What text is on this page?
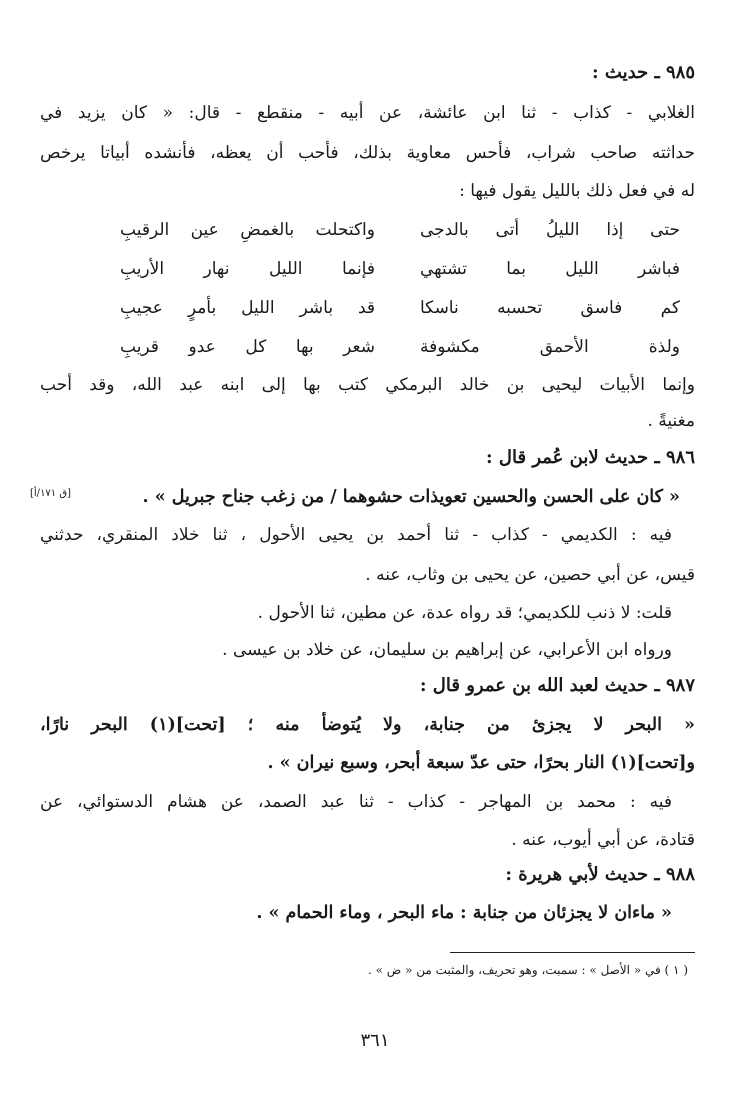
٩٨٥ ـ حديث :
الغلابي - كذاب - ثنا ابن عائشة، عن أبيه - منقطع - قال: « كان يزيد في
حداثته صاحب شراب، فأحس معاوية بذلك، فأحب أن يعظه، فأنشده أبياتا يرخص
له في فعل ذلك بالليل يقول فيها :
حتى إذا الليلُ أتى بالدجى
واكتحلت بالغمضِ عين الرقيبِ
فباشر الليل بما تشتهي
فإنما الليل نهار الأريبِ
كم فاسق تحسبه ناسكا
قد باشر الليل بأمرٍ عجيبِ
ولذة الأحمق مكشوفة
شعر بها كل عدو قريبِ
وإنما الأبيات ليحيى بن خالد البرمكي كتب بها إلى ابنه عبد الله، وقد أحب
مغنيةً .
٩٨٦ ـ حديث لابن عُمر قال :
« كان على الحسن والحسين تعويذات حشوهما / من زغب جناح جبريل » .
[ق ١٧١/أ]
فيه : الكديمي - كذاب - ثنا أحمد بن يحيى الأحول ، ثنا خلاد المنقري، حدثني
قيس، عن أبي حصين، عن يحيى بن وثاب، عنه .
قلت: لا ذنب للكديمي؛ قد رواه عدة، عن مطين، ثنا الأحول .
ورواه ابن الأعرابي، عن إبراهيم بن سليمان، عن خلاد بن عيسى .
٩٨٧ ـ حديث لعبد الله بن عمرو قال :
« البحر لا يجزئ من جنابة، ولا يُتوضأ منه ؛ [تحت](١) البحر نارًا،
و[تحت](١) النار بحرًا، حتى عدّ سبعة أبحر، وسبع نيران » .
فيه : محمد بن المهاجر - كذاب - ثنا عبد الصمد، عن هشام الدستوائي، عن
قتادة، عن أبي أيوب، عنه .
٩٨٨ ـ حديث لأبي هريرة :
« ماءان لا يجزئان من جنابة : ماء البحر ، وماء الحمام » .
( ١ ) في « الأصل » : سمبت، وهو تحريف، والمثبت من « ض » .
٣٦١
